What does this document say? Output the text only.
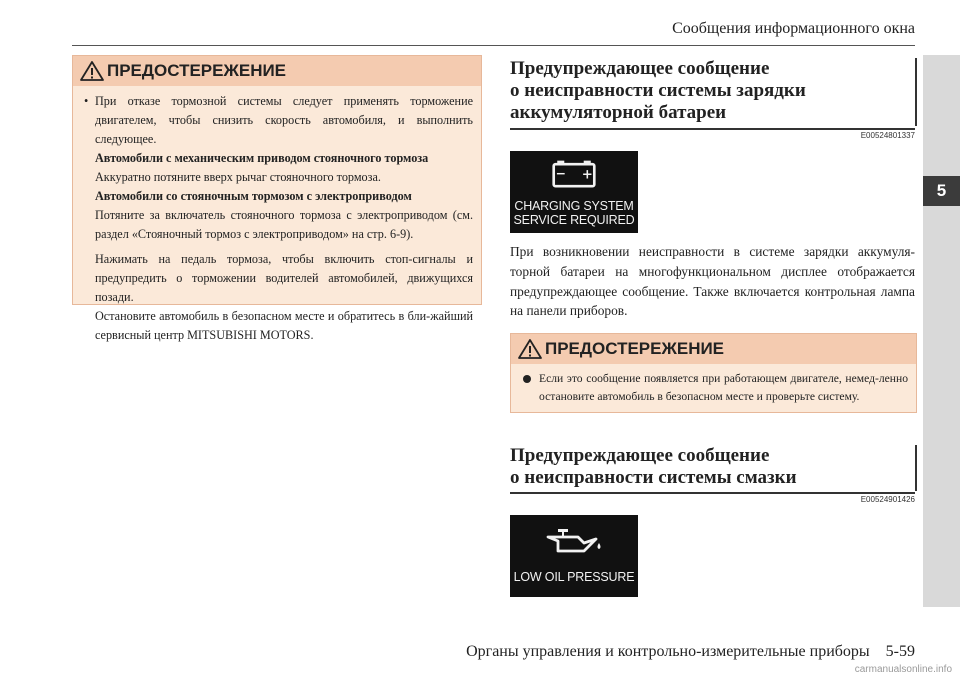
Сообщения информационного окна
5
ПРЕДОСТЕРЕЖЕНИЕ

• При отказе тормозной системы следует применять торможение двигателем, чтобы снизить скорость автомобиля, и выполнить следующее.

Автомобили с механическим приводом стояночного тормоза

Аккуратно потяните вверх рычаг стояночного тормоза.

Автомобили со стояночным тормозом с электроприводом

Потяните за включатель стояночного тормоза с электроприводом (см. раздел «Стояночный тормоз с электроприводом» на стр. 6-9).

Нажимать на педаль тормоза, чтобы включить стоп-сигналы и предупредить о торможении водителей автомобилей, движущихся позади.

Остановите автомобиль в безопасном месте и обратитесь в бли-жайший сервисный центр MITSUBISHI MOTORS.

Предупреждающее сообщение
о неисправности системы зарядки
аккумуляторной батареи
E00524801337
− +
CHARGING SYSTEM
SERVICE REQUIRED
При возникновении неисправности в системе зарядки аккумуля-торной батареи на многофункциональном дисплее отображается предупреждающее сообщение. Также включается контрольная лампа на панели приборов.
ПРЕДОСТЕРЕЖЕНИЕ

Если это сообщение появляется при работающем двигателе, немед-ленно остановите автомобиль в безопасном месте и проверьте систему.

Предупреждающее сообщение
о неисправности системы смазки
E00524901426
LOW OIL PRESSURE
Органы управления и контрольно-измерительные приборы    5-59
carmanualsonline.info
